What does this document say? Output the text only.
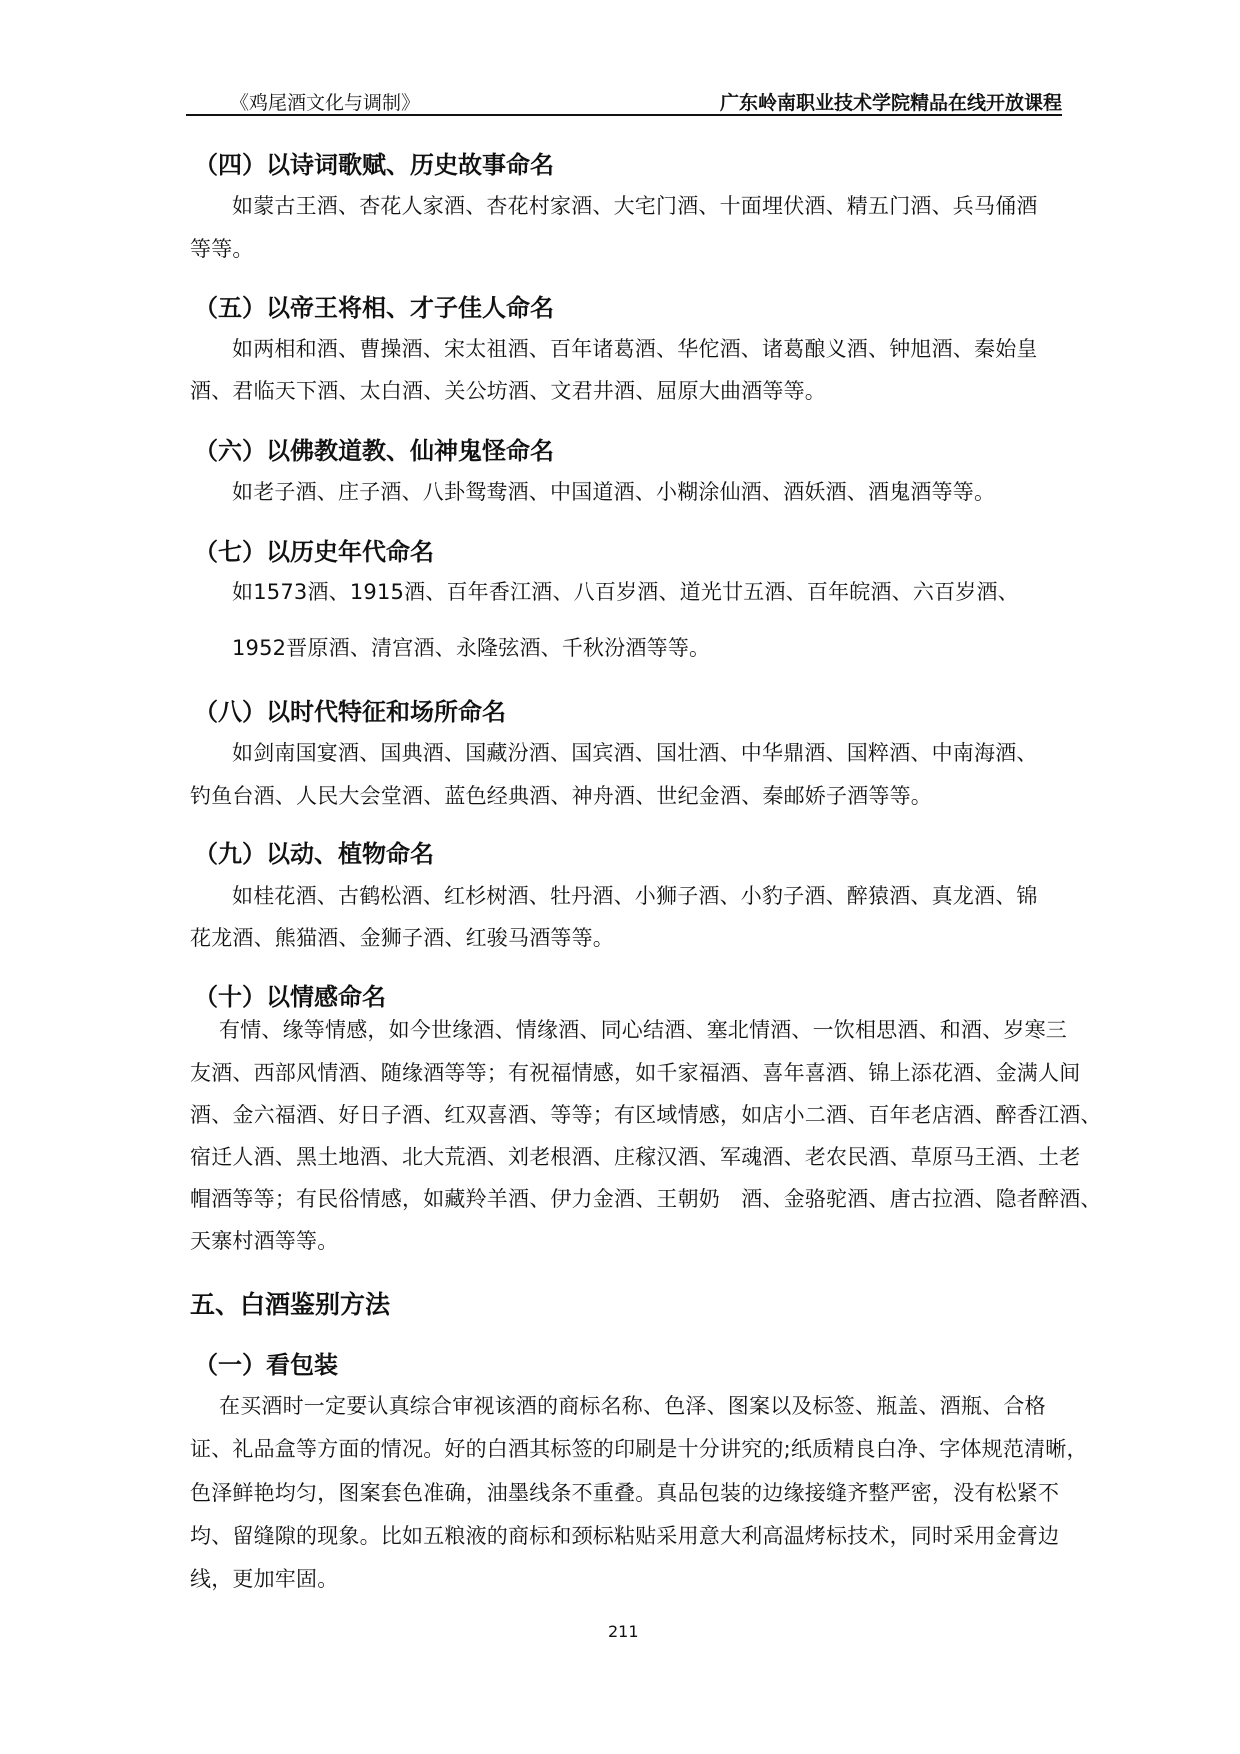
《鸡尾酒文化与调制》	广东岭南职业技术学院精品在线开放课程
（四）以诗词歌赋、历史故事命名
如蒙古王酒、杏花人家酒、杏花村家酒、大宅门酒、十面埋伏酒、精五门酒、兵马俑酒
等等。
（五）以帝王将相、才子佳人命名
如两相和酒、曹操酒、宋太祖酒、百年诸葛酒、华佗酒、诸葛酿义酒、钟旭酒、秦始皇
酒、君临天下酒、太白酒、关公坊酒、文君井酒、屈原大曲酒等等。
（六）以佛教道教、仙神鬼怪命名
如老子酒、庄子酒、八卦鸳鸯酒、中国道酒、小糊涂仙酒、酒妖酒、酒鬼酒等等。
（七）以历史年代命名
如1573酒、1915酒、百年香江酒、八百岁酒、道光廿五酒、百年皖酒、六百岁酒、
1952晋原酒、清宫酒、永隆弦酒、千秋汾酒等等。
（八）以时代特征和场所命名
如剑南国宴酒、国典酒、国藏汾酒、国宾酒、国壮酒、中华鼎酒、国粹酒、中南海酒、
钓鱼台酒、人民大会堂酒、蓝色经典酒、神舟酒、世纪金酒、秦邮娇子酒等等。
（九）以动、植物命名
如桂花酒、古鹤松酒、红杉树酒、牡丹酒、小狮子酒、小豹子酒、醉猿酒、真龙酒、锦
花龙酒、熊猫酒、金狮子酒、红骏马酒等等。
（十）以情感命名
有情、缘等情感，如今世缘酒、情缘酒、同心结酒、塞北情酒、一饮相思酒、和酒、岁寒三
友酒、西部风情酒、随缘酒等等；有祝福情感，如千家福酒、喜年喜酒、锦上添花酒、金满人间
酒、金六福酒、好日子酒、红双喜酒、等等；有区域情感，如店小二酒、百年老店酒、醉香江酒、
宿迁人酒、黑土地酒、北大荒酒、刘老根酒、庄稼汉酒、军魂酒、老农民酒、草原马王酒、土老
帽酒等等；有民俗情感，如藏羚羊酒、伊力金酒、王朝奶　酒、金骆驼酒、唐古拉酒、隐者醉酒、
天寨村酒等等。
五、白酒鉴别方法
（一）看包装
在买酒时一定要认真综合审视该酒的商标名称、色泽、图案以及标签、瓶盖、酒瓶、合格
证、礼品盒等方面的情况。好的白酒其标签的印刷是十分讲究的;纸质精良白净、字体规范清晰，
色泽鲜艳均匀，图案套色准确，油墨线条不重叠。真品包装的边缘接缝齐整严密，没有松紧不
均、留缝隙的现象。比如五粮液的商标和颈标粘贴采用意大利高温烤标技术，同时采用金膏边
线，更加牢固。
211
